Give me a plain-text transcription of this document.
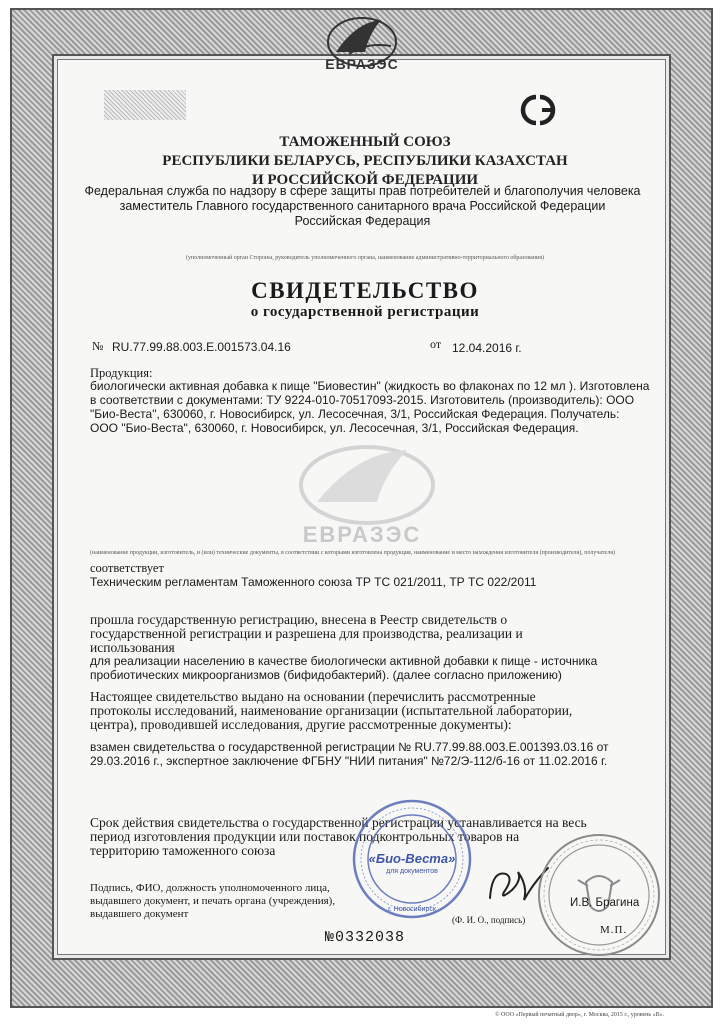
ЕВРАЗЭС
ТАМОЖЕННЫЙ СОЮЗ
РЕСПУБЛИКИ БЕЛАРУСЬ, РЕСПУБЛИКИ КАЗАХСТАН
И РОССИЙСКОЙ ФЕДЕРАЦИИ
Федеральная служба по надзору в сфере защиты прав потребителей и благополучия человека
заместитель Главного государственного санитарного врача Российской Федерации
Российская Федерация
(уполномоченный орган Стороны, руководитель уполномоченного органа, наименование административно-территориального образования)
СВИДЕТЕЛЬСТВО
о государственной регистрации
№ RU.77.99.88.003.Е.001573.04.16	от 12.04.2016 г.
ЕВРАЗЭС
Продукция:
биологически активная добавка к пище "Биовестин" (жидкость во флаконах по 12 мл ). Изготовлена
в соответствии с документами: ТУ 9224-010-70517093-2015. Изготовитель (производитель): ООО
"Био-Веста", 630060, г. Новосибирск, ул. Лесосечная, 3/1, Российская Федерация. Получатель:
ООО "Био-Веста", 630060, г. Новосибирск, ул. Лесосечная, 3/1, Российская Федерация.
(наименование продукции, изготовитель, и (или) технические документы, в соответствии с которыми изготовлена продукция, наименование и место нахождения изготовителя (производителя), получателя)
соответствует
Техническим регламентам Таможенного союза ТР ТС 021/2011, ТР ТС 022/2011
прошла государственную регистрацию, внесена в Реестр свидетельств о
государственной регистрации и разрешена для производства, реализации и
использования
для реализации населению в качестве биологически активной добавки к пище - источника
пробиотических микроорганизмов (бифидобактерий). (далее согласно приложению)
Настоящее свидетельство выдано на основании (перечислить рассмотренные
протоколы исследований, наименование организации (испытательной лаборатории,
центра), проводившей исследования, другие рассмотренные документы):
взамен свидетельства о государственной регистрации № RU.77.99.88.003.Е.001393.03.16 от
29.03.2016 г., экспертное заключение ФГБНУ "НИИ питания" №72/Э-112/б-16 от 11.02.2016 г.
Срок действия свидетельства о государственной регистрации устанавливается на весь
период изготовления продукции или поставок подконтрольных товаров на
территорию таможенного союза
Подпись, ФИО, должность уполномоченного лица,
выдавшего документ, и печать органа (учреждения),
выдавшего документ
«Био-Веста»
для документов
г. Новосибирск
И.В. Брагина
(Ф. И. О., подпись)
М.П.
№0332038
© ООО «Первый печатный двор», г. Москва, 2015 г., уровень «В».
